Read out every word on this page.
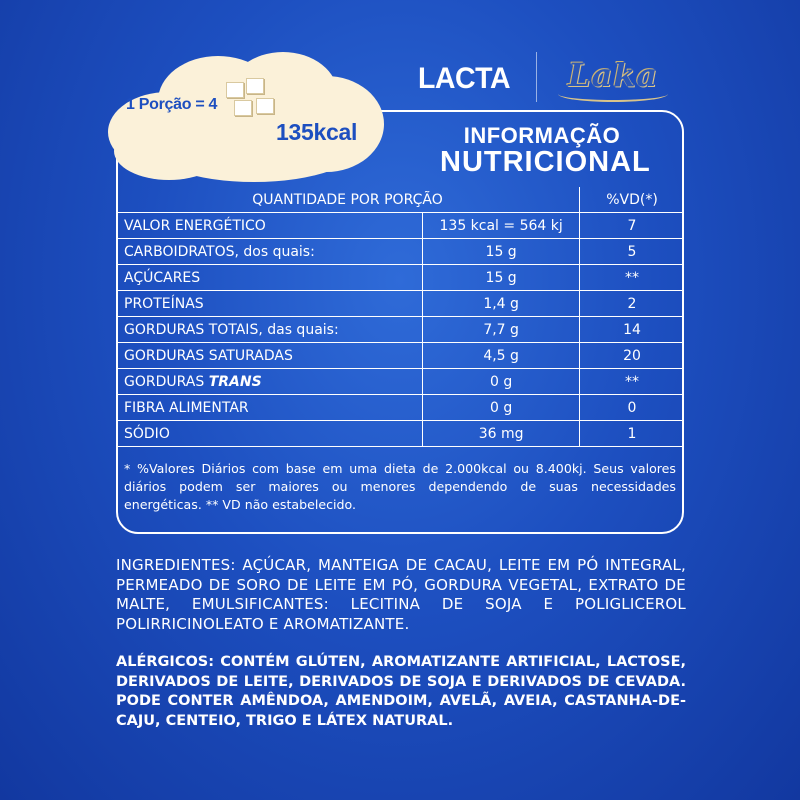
LACTA Laka
1 Porção = 4
135kcal	INFORMAÇÃO
NUTRICIONAL
QUANTIDADE POR PORÇÃO		%VD(*)
VALOR ENERGÉTICO	135 kcal = 564 kj	7
CARBOIDRATOS, dos quais:	15 g	5
AÇÚCARES	15 g	**
PROTEÍNAS	1,4 g	2
GORDURAS TOTAIS, das quais:	7,7 g	14
GORDURAS SATURADAS	4,5 g	20
GORDURAS TRANS	0 g	**
FIBRA ALIMENTAR	0 g	0
SÓDIO	36 mg	1
* %Valores Diários com base em uma dieta de 2.000kcal ou 8.400kj. Seus valores diários podem ser maiores ou menores dependendo de suas necessidades energéticas. ** VD não estabelecido.
INGREDIENTES: AÇÚCAR, MANTEIGA DE CACAU, LEITE EM PÓ INTEGRAL, PERMEADO DE SORO DE LEITE EM PÓ, GORDURA VEGETAL, EXTRATO DE MALTE, EMULSIFICANTES: LECITINA DE SOJA E POLIGLICEROL POLIRRICINOLEATO E AROMATIZANTE.
ALÉRGICOS: CONTÉM GLÚTEN, AROMATIZANTE ARTIFICIAL, LACTOSE, DERIVADOS DE LEITE, DERIVADOS DE SOJA E DERIVADOS DE CEVADA. PODE CONTER AMÊNDOA, AMENDOIM, AVELÃ, AVEIA, CASTANHA-DE-CAJU, CENTEIO, TRIGO E LÁTEX NATURAL.
